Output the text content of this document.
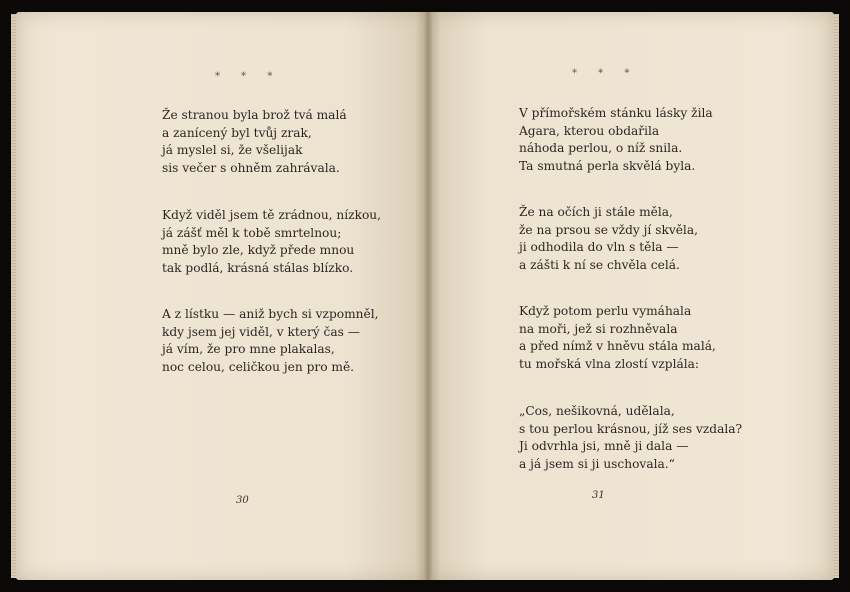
* * *	* * *
Že stranou byla brož tvá malá
a zanícený byl tvůj zrak,
já myslel si, že všelijak
sis večer s ohněm zahrávala.
Když viděl jsem tě zrádnou, nízkou,
já zášť měl k tobě smrtelnou;
mně bylo zle, když přede mnou
tak podlá, krásná stálas blízko.
A z lístku — aniž bych si vzpomněl,
kdy jsem jej viděl, v který čas —
já vím, že pro mne plakalas,
noc celou, celičkou jen pro mě.
V přímořském stánku lásky žila
Agara, kterou obdařila
náhoda perlou, o níž snila.
Ta smutná perla skvělá byla.
Že na očích ji stále měla,
že na prsou se vždy jí skvěla,
ji odhodila do vln s těla —
a zášti k ní se chvěla celá.
Když potom perlu vymáhala
na moři, jež si rozhněvala
a před nímž v hněvu stála malá,
tu mořská vlna zlostí vzplála:
„Cos, nešikovná, udělala,
s tou perlou krásnou, jíž ses vzdala?
Ji odvrhla jsi, mně ji dala —
a já jsem si ji uschovala.“
30	31
